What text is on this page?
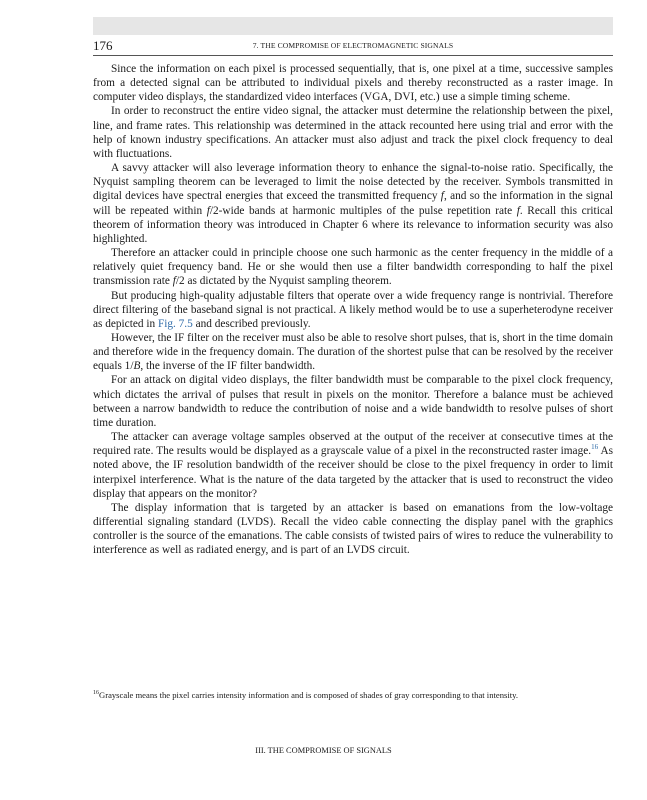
176	7. THE COMPROMISE OF ELECTROMAGNETIC SIGNALS

Since the information on each pixel is processed sequentially, that is, one pixel at a time, successive samples from a detected signal can be attributed to individual pixels and thereby reconstructed as a raster image. In computer video displays, the standardized video interfaces (VGA, DVI, etc.) use a simple timing scheme.

In order to reconstruct the entire video signal, the attacker must determine the relationship between the pixel, line, and frame rates. This relationship was determined in the attack recounted here using trial and error with the help of known industry specifications. An attacker must also adjust and track the pixel clock frequency to deal with fluctuations.

A savvy attacker will also leverage information theory to enhance the signal-to-noise ratio. Specifically, the Nyquist sampling theorem can be leveraged to limit the noise detected by the receiver. Symbols transmitted in digital devices have spectral energies that exceed the transmitted frequency f, and so the information in the signal will be repeated within f/2-wide bands at harmonic multiples of the pulse repetition rate f. Recall this critical theorem of information theory was introduced in Chapter 6 where its relevance to information security was also highlighted.

Therefore an attacker could in principle choose one such harmonic as the center frequency in the middle of a relatively quiet frequency band. He or she would then use a filter bandwidth corresponding to half the pixel transmission rate f/2 as dictated by the Nyquist sampling theorem.

But producing high-quality adjustable filters that operate over a wide frequency range is nontrivial. Therefore direct filtering of the baseband signal is not practical. A likely method would be to use a superheterodyne receiver as depicted in Fig. 7.5 and described previously.

However, the IF filter on the receiver must also be able to resolve short pulses, that is, short in the time domain and therefore wide in the frequency domain. The duration of the shortest pulse that can be resolved by the receiver equals 1/B, the inverse of the IF filter bandwidth.

For an attack on digital video displays, the filter bandwidth must be comparable to the pixel clock frequency, which dictates the arrival of pulses that result in pixels on the monitor. Therefore a balance must be achieved between a narrow bandwidth to reduce the contribution of noise and a wide bandwidth to resolve pulses of short time duration.

The attacker can average voltage samples observed at the output of the receiver at consecutive times at the required rate. The results would be displayed as a grayscale value of a pixel in the reconstructed raster image.$^{16}$ As noted above, the IF resolution bandwidth of the receiver should be close to the pixel frequency in order to limit interpixel interference. What is the nature of the data targeted by the attacker that is used to reconstruct the video display that appears on the monitor?

The display information that is targeted by an attacker is based on emanations from the low-voltage differential signaling standard (LVDS). Recall the video cable connecting the display panel with the graphics controller is the source of the emanations. The cable consists of twisted pairs of wires to reduce the vulnerability to interference as well as radiated energy, and is part of an LVDS circuit.

$^{16}$Grayscale means the pixel carries intensity information and is composed of shades of gray corresponding to that intensity.
III. THE COMPROMISE OF SIGNALS
